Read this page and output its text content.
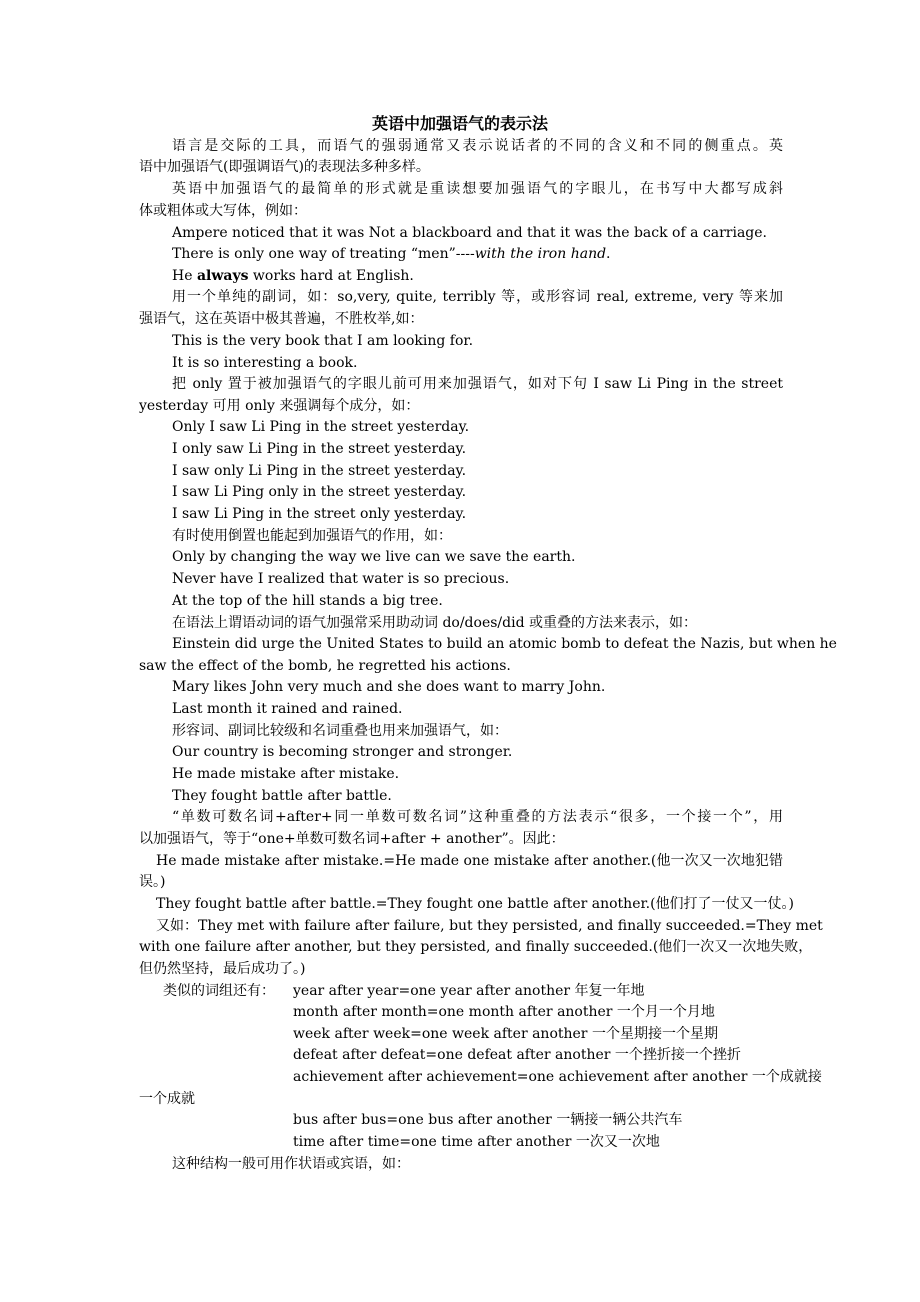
英语中加强语气的表示法
语言是交际的工具，而语气的强弱通常又表示说话者的不同的含义和不同的侧重点。英
语中加强语气(即强调语气)的表现法多种多样。
英语中加强语气的最简单的形式就是重读想要加强语气的字眼儿，在书写中大都写成斜
体或粗体或大写体，例如：
Ampere noticed that it was Not a blackboard and that it was the back of a carriage.
There is only one way of treating “men”----with the iron hand.
He always works hard at English.
用一个单纯的副词，如：so,very, quite, terribly 等，或形容词 real, extreme, very 等来加
强语气，这在英语中极其普遍，不胜枚举,如：
This is the very book that I am looking for.
It is so interesting a book.
把 only 置于被加强语气的字眼儿前可用来加强语气，如对下句 I saw Li Ping in the street
yesterday 可用 only 来强调每个成分，如：
Only I saw Li Ping in the street yesterday.
I only saw Li Ping in the street yesterday.
I saw only Li Ping in the street yesterday.
I saw Li Ping only in the street yesterday.
I saw Li Ping in the street only yesterday.
有时使用倒置也能起到加强语气的作用，如：
Only by changing the way we live can we save the earth.
Never have I realized that water is so precious.
At the top of the hill stands a big tree.
在语法上谓语动词的语气加强常采用助动词 do/does/did 或重叠的方法来表示，如：
Einstein did urge the United States to build an atomic bomb to defeat the Nazis, but when he
saw the effect of the bomb, he regretted his actions.
Mary likes John very much and she does want to marry John.
Last month it rained and rained.
形容词、副词比较级和名词重叠也用来加强语气，如：
Our country is becoming stronger and stronger.
He made mistake after mistake.
They fought battle after battle.
“单数可数名词+after+同一单数可数名词”这种重叠的方法表示“很多，一个接一个”，用
以加强语气，等于“one+单数可数名词+after + another”。因此：
He made mistake after mistake.=He made one mistake after another.(他一次又一次地犯错
误。)
They fought battle after battle.=They fought one battle after another.(他们打了一仗又一仗。)
又如：They met with failure after failure, but they persisted, and finally succeeded.=They met
with one failure after another, but they persisted, and finally succeeded.(他们一次又一次地失败，
但仍然坚持，最后成功了。)
类似的词组还有： year after year=one year after another 年复一年地
month after month=one month after another 一个月一个月地
week after week=one week after another 一个星期接一个星期
defeat after defeat=one defeat after another 一个挫折接一个挫折
achievement after achievement=one achievement after another 一个成就接
一个成就
bus after bus=one bus after another 一辆接一辆公共汽车
time after time=one time after another 一次又一次地
这种结构一般可用作状语或宾语，如：
